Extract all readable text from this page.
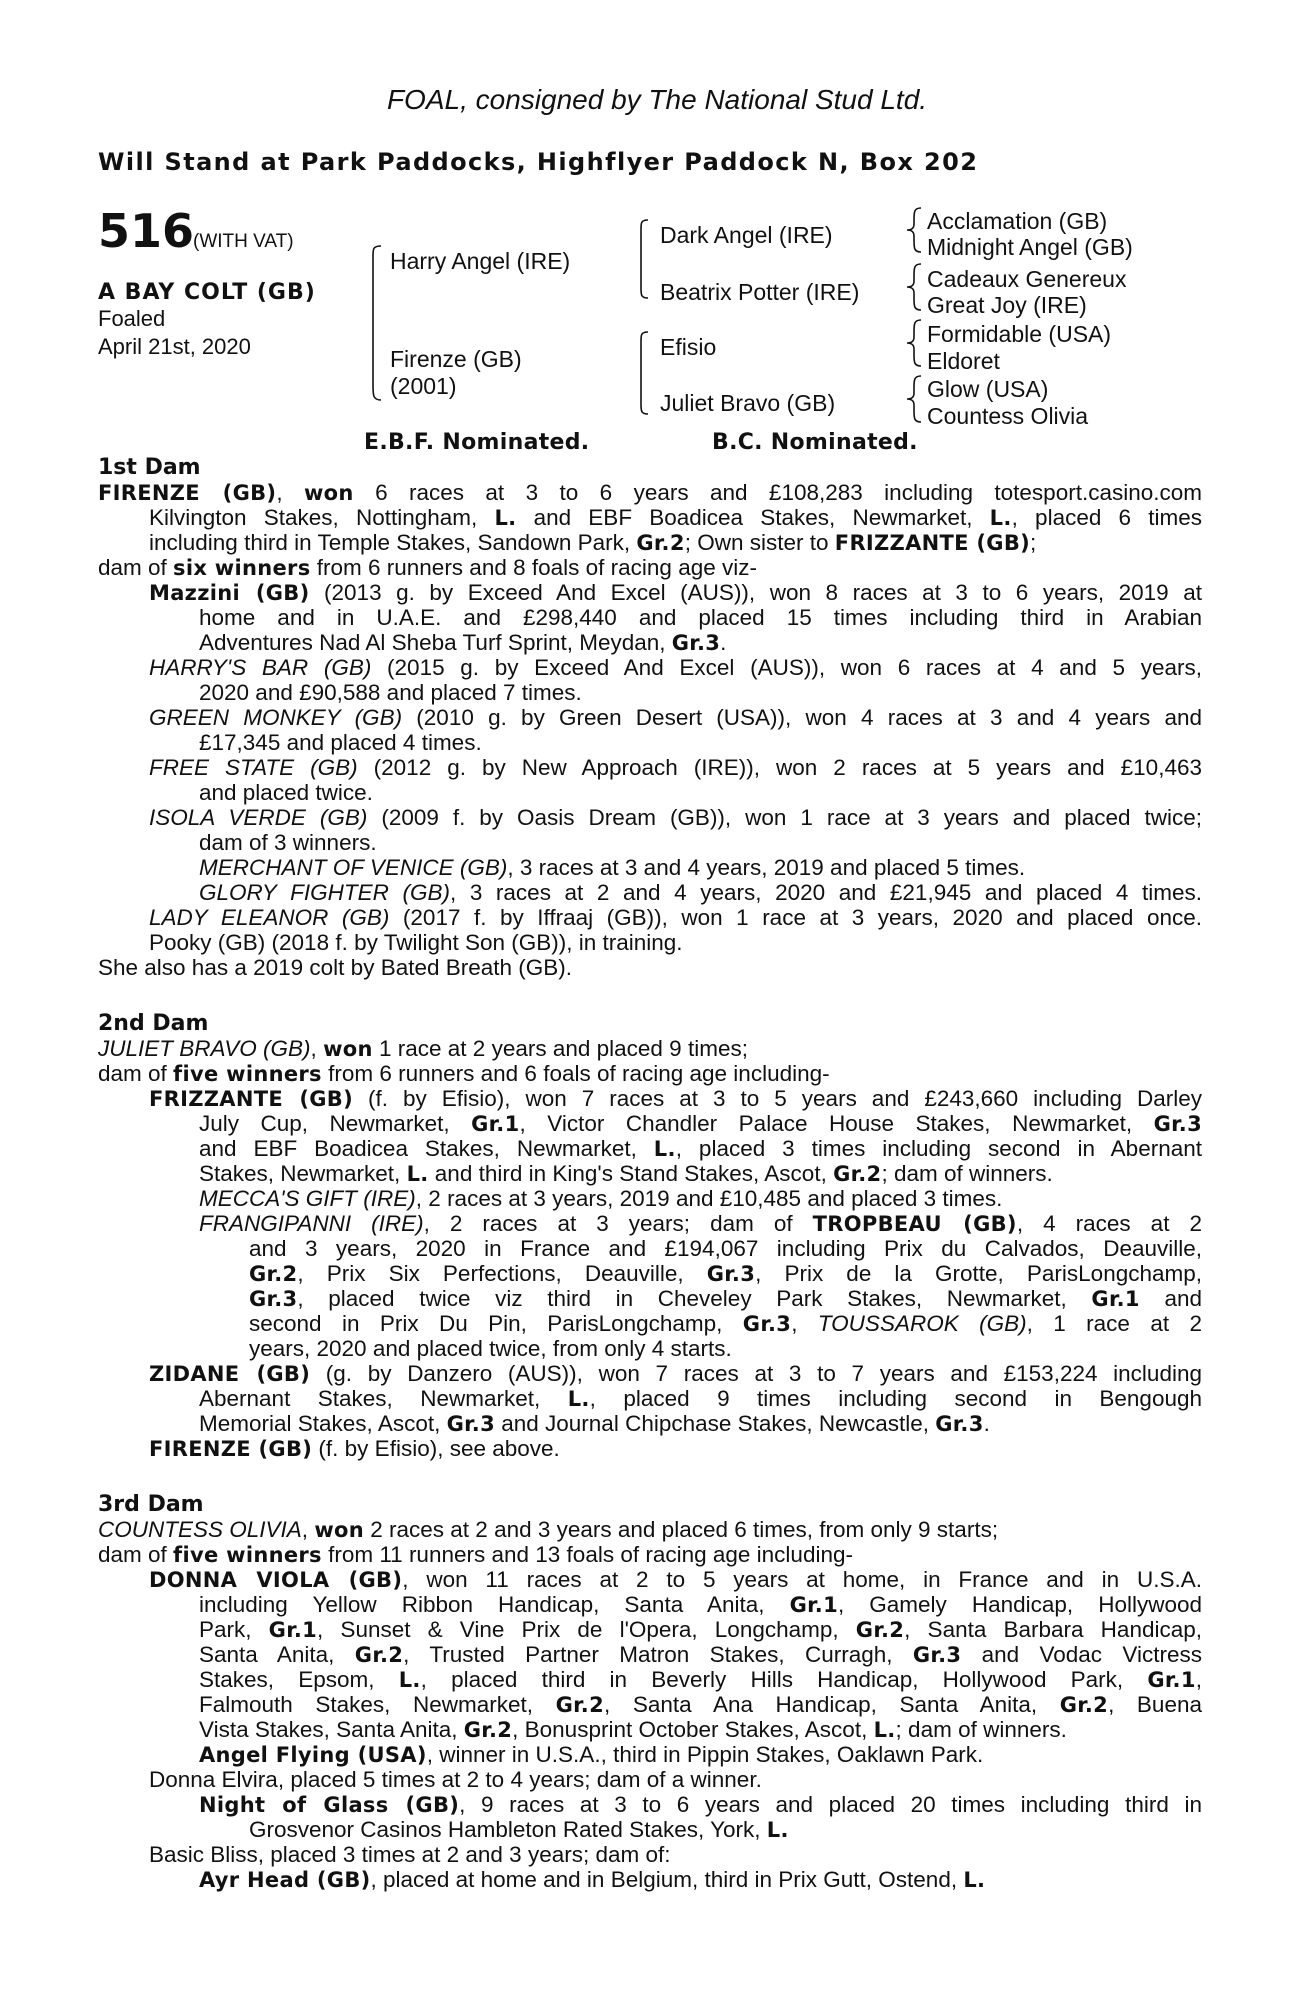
FOAL, consigned by The National Stud Ltd.
Will Stand at Park Paddocks, Highflyer Paddock N, Box 202
516
(WITH VAT)
A BAY COLT (GB)
Foaled
April 21st, 2020
Harry Angel (IRE)
Firenze (GB)
(2001)
Dark Angel (IRE)
Beatrix Potter (IRE)
Efisio
Juliet Bravo (GB)
Acclamation (GB)
Midnight Angel (GB)
Cadeaux Genereux
Great Joy (IRE)
Formidable (USA)
Eldoret
Glow (USA)
Countess Olivia
E.B.F. Nominated.	B.C. Nominated.
1st Dam
FIRENZE (GB), won 6 races at 3 to 6 years and £108,283 including totesport.casino.com
Kilvington Stakes, Nottingham, L. and EBF Boadicea Stakes, Newmarket, L., placed 6 times
including third in Temple Stakes, Sandown Park, Gr.2; Own sister to FRIZZANTE (GB);
dam of six winners from 6 runners and 8 foals of racing age viz-
Mazzini (GB) (2013 g. by Exceed And Excel (AUS)), won 8 races at 3 to 6 years, 2019 at
home and in U.A.E. and £298,440 and placed 15 times including third in Arabian
Adventures Nad Al Sheba Turf Sprint, Meydan, Gr.3.
HARRY'S BAR (GB) (2015 g. by Exceed And Excel (AUS)), won 6 races at 4 and 5 years,
2020 and £90,588 and placed 7 times.
GREEN MONKEY (GB) (2010 g. by Green Desert (USA)), won 4 races at 3 and 4 years and
£17,345 and placed 4 times.
FREE STATE (GB) (2012 g. by New Approach (IRE)), won 2 races at 5 years and £10,463
and placed twice.
ISOLA VERDE (GB) (2009 f. by Oasis Dream (GB)), won 1 race at 3 years and placed twice;
dam of 3 winners.
MERCHANT OF VENICE (GB), 3 races at 3 and 4 years, 2019 and placed 5 times.
GLORY FIGHTER (GB), 3 races at 2 and 4 years, 2020 and £21,945 and placed 4 times.
LADY ELEANOR (GB) (2017 f. by Iffraaj (GB)), won 1 race at 3 years, 2020 and placed once.
Pooky (GB) (2018 f. by Twilight Son (GB)), in training.
She also has a 2019 colt by Bated Breath (GB).
2nd Dam
JULIET BRAVO (GB), won 1 race at 2 years and placed 9 times;
dam of five winners from 6 runners and 6 foals of racing age including-
FRIZZANTE (GB) (f. by Efisio), won 7 races at 3 to 5 years and £243,660 including Darley
July Cup, Newmarket, Gr.1, Victor Chandler Palace House Stakes, Newmarket, Gr.3
and EBF Boadicea Stakes, Newmarket, L., placed 3 times including second in Abernant
Stakes, Newmarket, L. and third in King's Stand Stakes, Ascot, Gr.2; dam of winners.
MECCA'S GIFT (IRE), 2 races at 3 years, 2019 and £10,485 and placed 3 times.
FRANGIPANNI (IRE), 2 races at 3 years; dam of TROPBEAU (GB), 4 races at 2
and 3 years, 2020 in France and £194,067 including Prix du Calvados, Deauville,
Gr.2, Prix Six Perfections, Deauville, Gr.3, Prix de la Grotte, ParisLongchamp,
Gr.3, placed twice viz third in Cheveley Park Stakes, Newmarket, Gr.1 and
second in Prix Du Pin, ParisLongchamp, Gr.3, TOUSSAROK (GB), 1 race at 2
years, 2020 and placed twice, from only 4 starts.
ZIDANE (GB) (g. by Danzero (AUS)), won 7 races at 3 to 7 years and £153,224 including
Abernant Stakes, Newmarket, L., placed 9 times including second in Bengough
Memorial Stakes, Ascot, Gr.3 and Journal Chipchase Stakes, Newcastle, Gr.3.
FIRENZE (GB) (f. by Efisio), see above.
3rd Dam
COUNTESS OLIVIA, won 2 races at 2 and 3 years and placed 6 times, from only 9 starts;
dam of five winners from 11 runners and 13 foals of racing age including-
DONNA VIOLA (GB), won 11 races at 2 to 5 years at home, in France and in U.S.A.
including Yellow Ribbon Handicap, Santa Anita, Gr.1, Gamely Handicap, Hollywood
Park, Gr.1, Sunset & Vine Prix de l'Opera, Longchamp, Gr.2, Santa Barbara Handicap,
Santa Anita, Gr.2, Trusted Partner Matron Stakes, Curragh, Gr.3 and Vodac Victress
Stakes, Epsom, L., placed third in Beverly Hills Handicap, Hollywood Park, Gr.1,
Falmouth Stakes, Newmarket, Gr.2, Santa Ana Handicap, Santa Anita, Gr.2, Buena
Vista Stakes, Santa Anita, Gr.2, Bonusprint October Stakes, Ascot, L.; dam of winners.
Angel Flying (USA), winner in U.S.A., third in Pippin Stakes, Oaklawn Park.
Donna Elvira, placed 5 times at 2 to 4 years; dam of a winner.
Night of Glass (GB), 9 races at 3 to 6 years and placed 20 times including third in
Grosvenor Casinos Hambleton Rated Stakes, York, L.
Basic Bliss, placed 3 times at 2 and 3 years; dam of:
Ayr Head (GB), placed at home and in Belgium, third in Prix Gutt, Ostend, L.
